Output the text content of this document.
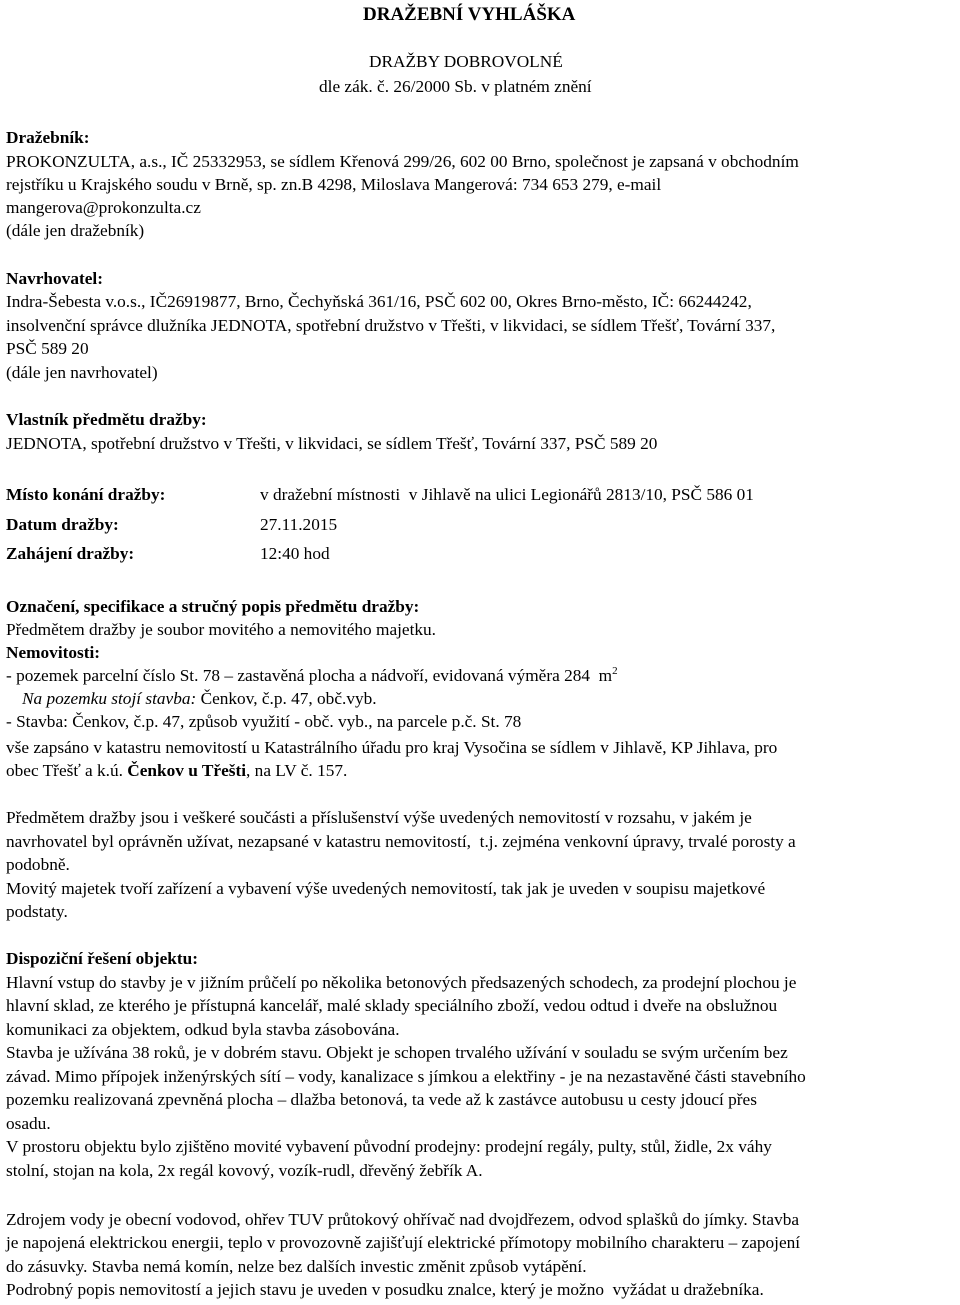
DRAŽEBNÍ VYHLÁŠKA
DRAŽBY DOBROVOLNÉ
dle zák. č. 26/2000 Sb. v platném znění
Dražebník:
PROKONZULTA, a.s., IČ 25332953, se sídlem Křenová 299/26, 602 00 Brno, společnost je zapsaná v obchodním
rejstříku u Krajského soudu v Brně, sp. zn.B 4298, Miloslava Mangerová: 734 653 279, e-mail
mangerova@prokonzulta.cz
(dále jen dražebník)
Navrhovatel:
Indra-Šebesta v.o.s., IČ26919877, Brno, Čechyňská 361/16, PSČ 602 00, Okres Brno-město, IČ: 66244242,
insolvenční správce dlužníka JEDNOTA, spotřební družstvo v Třešti, v likvidaci, se sídlem Třešť, Tovární 337,
PSČ 589 20
(dále jen navrhovatel)
Vlastník předmětu dražby:
JEDNOTA, spotřební družstvo v Třešti, v likvidaci, se sídlem Třešť, Tovární 337, PSČ 589 20
Místo konání dražby:	v dražební místnosti  v Jihlavě na ulici Legionářů 2813/10, PSČ 586 01
Datum dražby:	27.11.2015
Zahájení dražby:	12:40 hod
Označení, specifikace a stručný popis předmětu dražby:
Předmětem dražby je soubor movitého a nemovitého majetku.
Nemovitosti:
- pozemek parcelní číslo St. 78 – zastavěná plocha a nádvoří, evidovaná výměra 284  $m^2$
Na pozemku stojí stavba: Čenkov, č.p. 47, obč.vyb.
- Stavba: Čenkov, č.p. 47, způsob využití - obč. vyb., na parcele p.č. St. 78
vše zapsáno v katastru nemovitostí u Katastrálního úřadu pro kraj Vysočina se sídlem v Jihlavě, KP Jihlava, pro
obec Třešť a k.ú. Čenkov u Třešti, na LV č. 157.
Předmětem dražby jsou i veškeré součásti a příslušenství výše uvedených nemovitostí v rozsahu, v jakém je
navrhovatel byl oprávněn užívat, nezapsané v katastru nemovitostí,  t.j. zejména venkovní úpravy, trvalé porosty a
podobně.
Movitý majetek tvoří zařízení a vybavení výše uvedených nemovitostí, tak jak je uveden v soupisu majetkové
podstaty.
Dispoziční řešení objektu:
Hlavní vstup do stavby je v jižním průčelí po několika betonových předsazených schodech, za prodejní plochou je
hlavní sklad, ze kterého je přístupná kancelář, malé sklady speciálního zboží, vedou odtud i dveře na obslužnou
komunikaci za objektem, odkud byla stavba zásobována.
Stavba je užívána 38 roků, je v dobrém stavu. Objekt je schopen trvalého užívání v souladu se svým určením bez
závad. Mimo přípojek inženýrských sítí – vody, kanalizace s jímkou a elektřiny - je na nezastavěné části stavebního
pozemku realizovaná zpevněná plocha – dlažba betonová, ta vede až k zastávce autobusu u cesty jdoucí přes
osadu.
V prostoru objektu bylo zjištěno movité vybavení původní prodejny: prodejní regály, pulty, stůl, židle, 2x váhy
stolní, stojan na kola, 2x regál kovový, vozík-rudl, dřevěný žebřík A.
Zdrojem vody je obecní vodovod, ohřev TUV průtokový ohřívač nad dvojdřezem, odvod splašků do jímky. Stavba
je napojená elektrickou energii, teplo v provozovně zajišťují elektrické přímotopy mobilního charakteru – zapojení
do zásuvky. Stavba nemá komín, nelze bez dalších investic změnit způsob vytápění.
Podrobný popis nemovitostí a jejich stavu je uveden v posudku znalce, který je možno  vyžádat u dražebníka.
